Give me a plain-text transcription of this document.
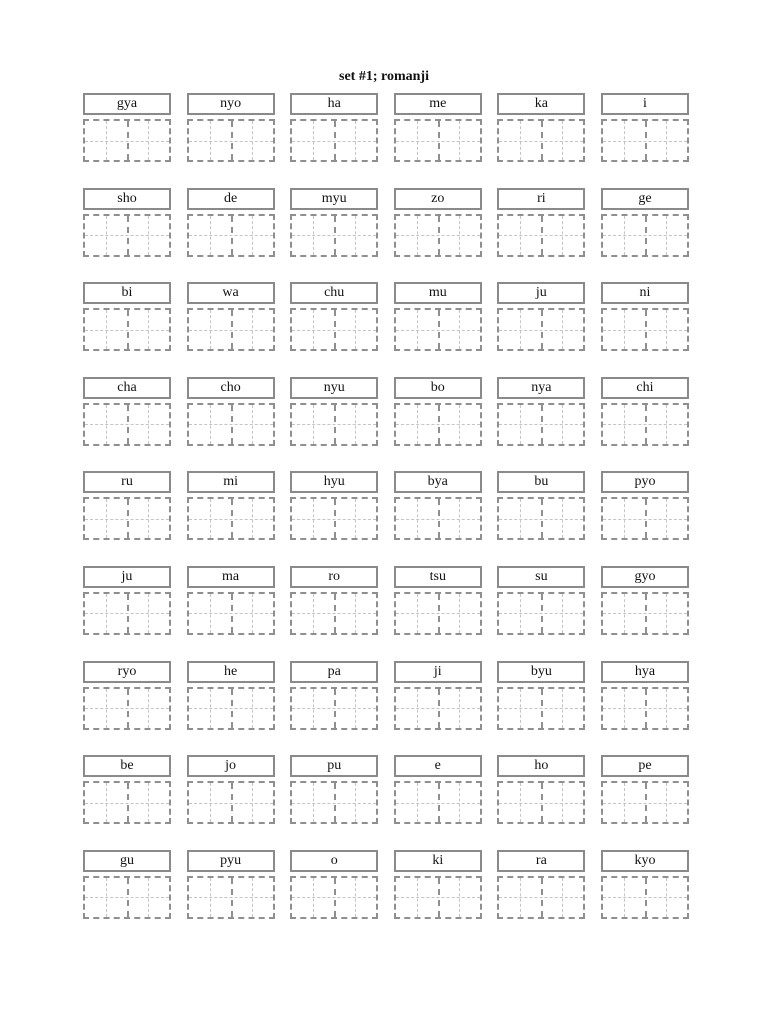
set #1; romanji
gya	nyo	ha	me	ka	i
sho	de	myu	zo	ri	ge
bi	wa	chu	mu	ju	ni
cha	cho	nyu	bo	nya	chi
ru	mi	hyu	bya	bu	pyo
ju	ma	ro	tsu	su	gyo
ryo	he	pa	ji	byu	hya
be	jo	pu	e	ho	pe
gu	pyu	o	ki	ra	kyo
